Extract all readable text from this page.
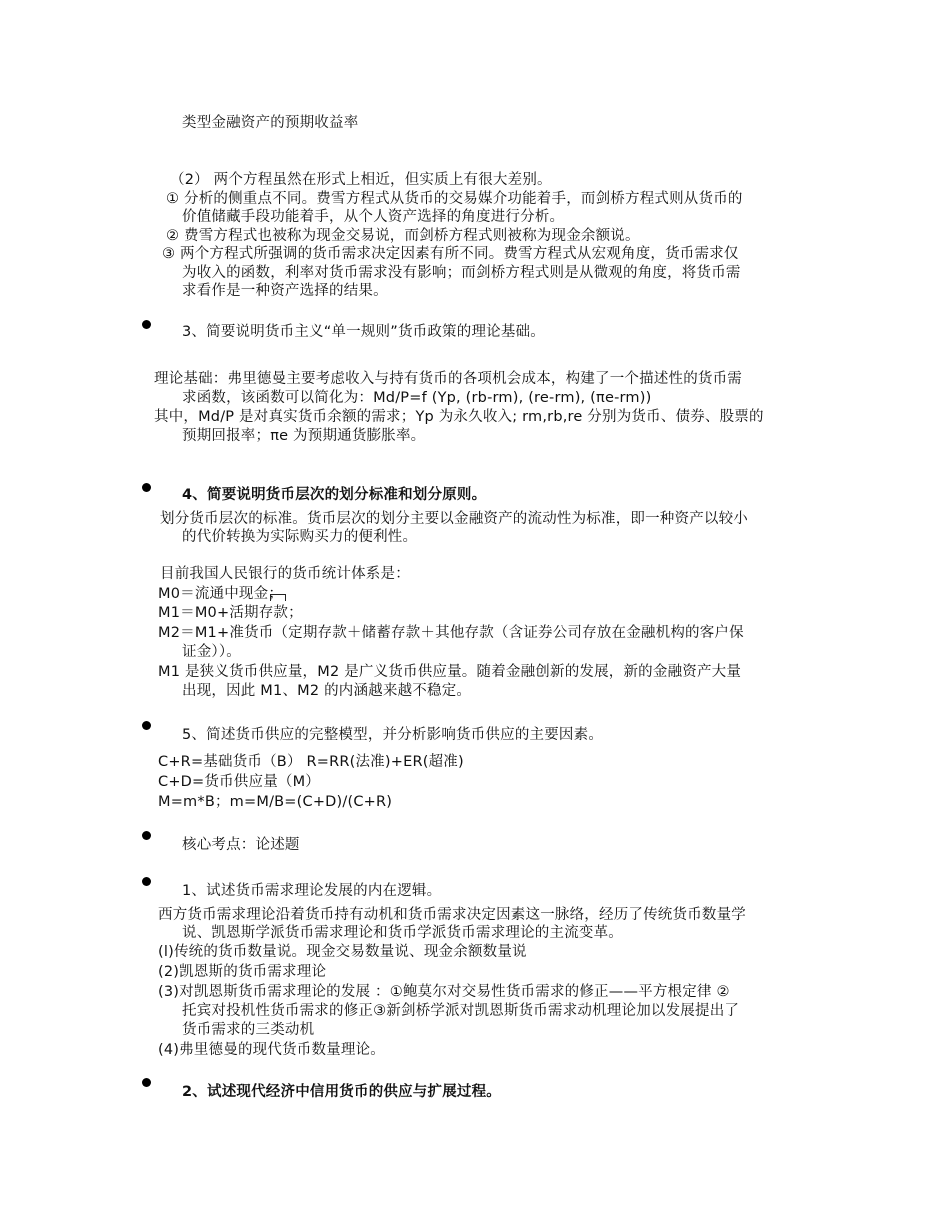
类型金融资产的预期收益率
（2） 两个方程虽然在形式上相近，但实质上有很大差别。
① 分析的侧重点不同。费雪方程式从货币的交易媒介功能着手，而剑桥方程式则从货币的
价值储藏手段功能着手，从个人资产选择的角度进行分析。
② 费雪方程式也被称为现金交易说，而剑桥方程式则被称为现金余额说。
③ 两个方程式所强调的货币需求决定因素有所不同。费雪方程式从宏观角度，货币需求仅
为收入的函数，利率对货币需求没有影响；而剑桥方程式则是从微观的角度，将货币需
求看作是一种资产选择的结果。
3、简要说明货币主义“单一规则”货币政策的理论基础。
理论基础：弗里德曼主要考虑收入与持有货币的各项机会成本，构建了一个描述性的货币需
求函数，该函数可以简化为：Md/P=f (Yp, (rb-rm), (re-rm), (πe-rm))
其中，Md/P 是对真实货币余额的需求；Yp 为永久收入; rm,rb,re 分别为货币、债券、股票的
预期回报率；πe 为预期通货膨胀率。
4、简要说明货币层次的划分标准和划分原则。
划分货币层次的标准。货币层次的划分主要以金融资产的流动性为标准，即一种资产以较小
的代价转换为实际购买力的便利性。
目前我国人民银行的货币统计体系是：
M0＝流通中现金；
M1＝M0+活期存款；
M2＝M1+准货币（定期存款＋储蓄存款＋其他存款（含证券公司存放在金融机构的客户保
证金））。
M1 是狭义货币供应量，M2 是广义货币供应量。随着金融创新的发展，新的金融资产大量
出现，因此 M1、M2 的内涵越来越不稳定。
5、简述货币供应的完整模型，并分析影响货币供应的主要因素。
C+R=基础货币（B） R=RR(法准)+ER(超准)
C+D=货币供应量（M）
M=m*B；m=M/B=(C+D)/(C+R)
核心考点：论述题
1、试述货币需求理论发展的内在逻辑。
西方货币需求理论沿着货币持有动机和货币需求决定因素这一脉络，经历了传统货币数量学
说、凯恩斯学派货币需求理论和货币学派货币需求理论的主流变革。
(l)传统的货币数量说。现金交易数量说、现金余额数量说
(2)凯恩斯的货币需求理论
(3)对凯恩斯货币需求理论的发展 ：①鲍莫尔对交易性货币需求的修正——平方根定律 ②
托宾对投机性货币需求的修正③新剑桥学派对凯恩斯货币需求动机理论加以发展提出了
货币需求的三类动机
(4)弗里德曼的现代货币数量理论。
2、试述现代经济中信用货币的供应与扩展过程。
